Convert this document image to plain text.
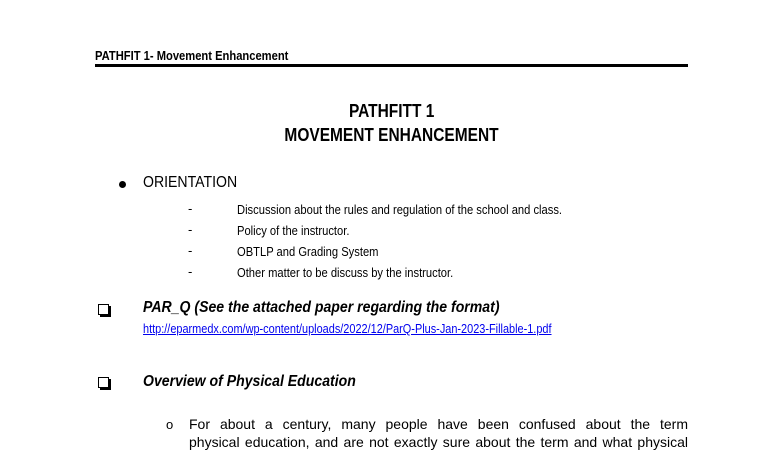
PATHFIT 1- Movement Enhancement
PATHFITT 1
MOVEMENT ENHANCEMENT
ORIENTATION
-	Discussion about the rules and regulation of the school and class.
-	Policy of the instructor.
-	OBTLP and Grading System
-	Other matter to be discuss by the instructor.
PAR_Q (See the attached paper regarding the format)
http://eparmedx.com/wp-content/uploads/2022/12/ParQ-Plus-Jan-2023-Fillable-1.pdf
Overview of Physical Education
o For about a century, many people have been confused about the term
physical education, and are not exactly sure about the term and what physical
